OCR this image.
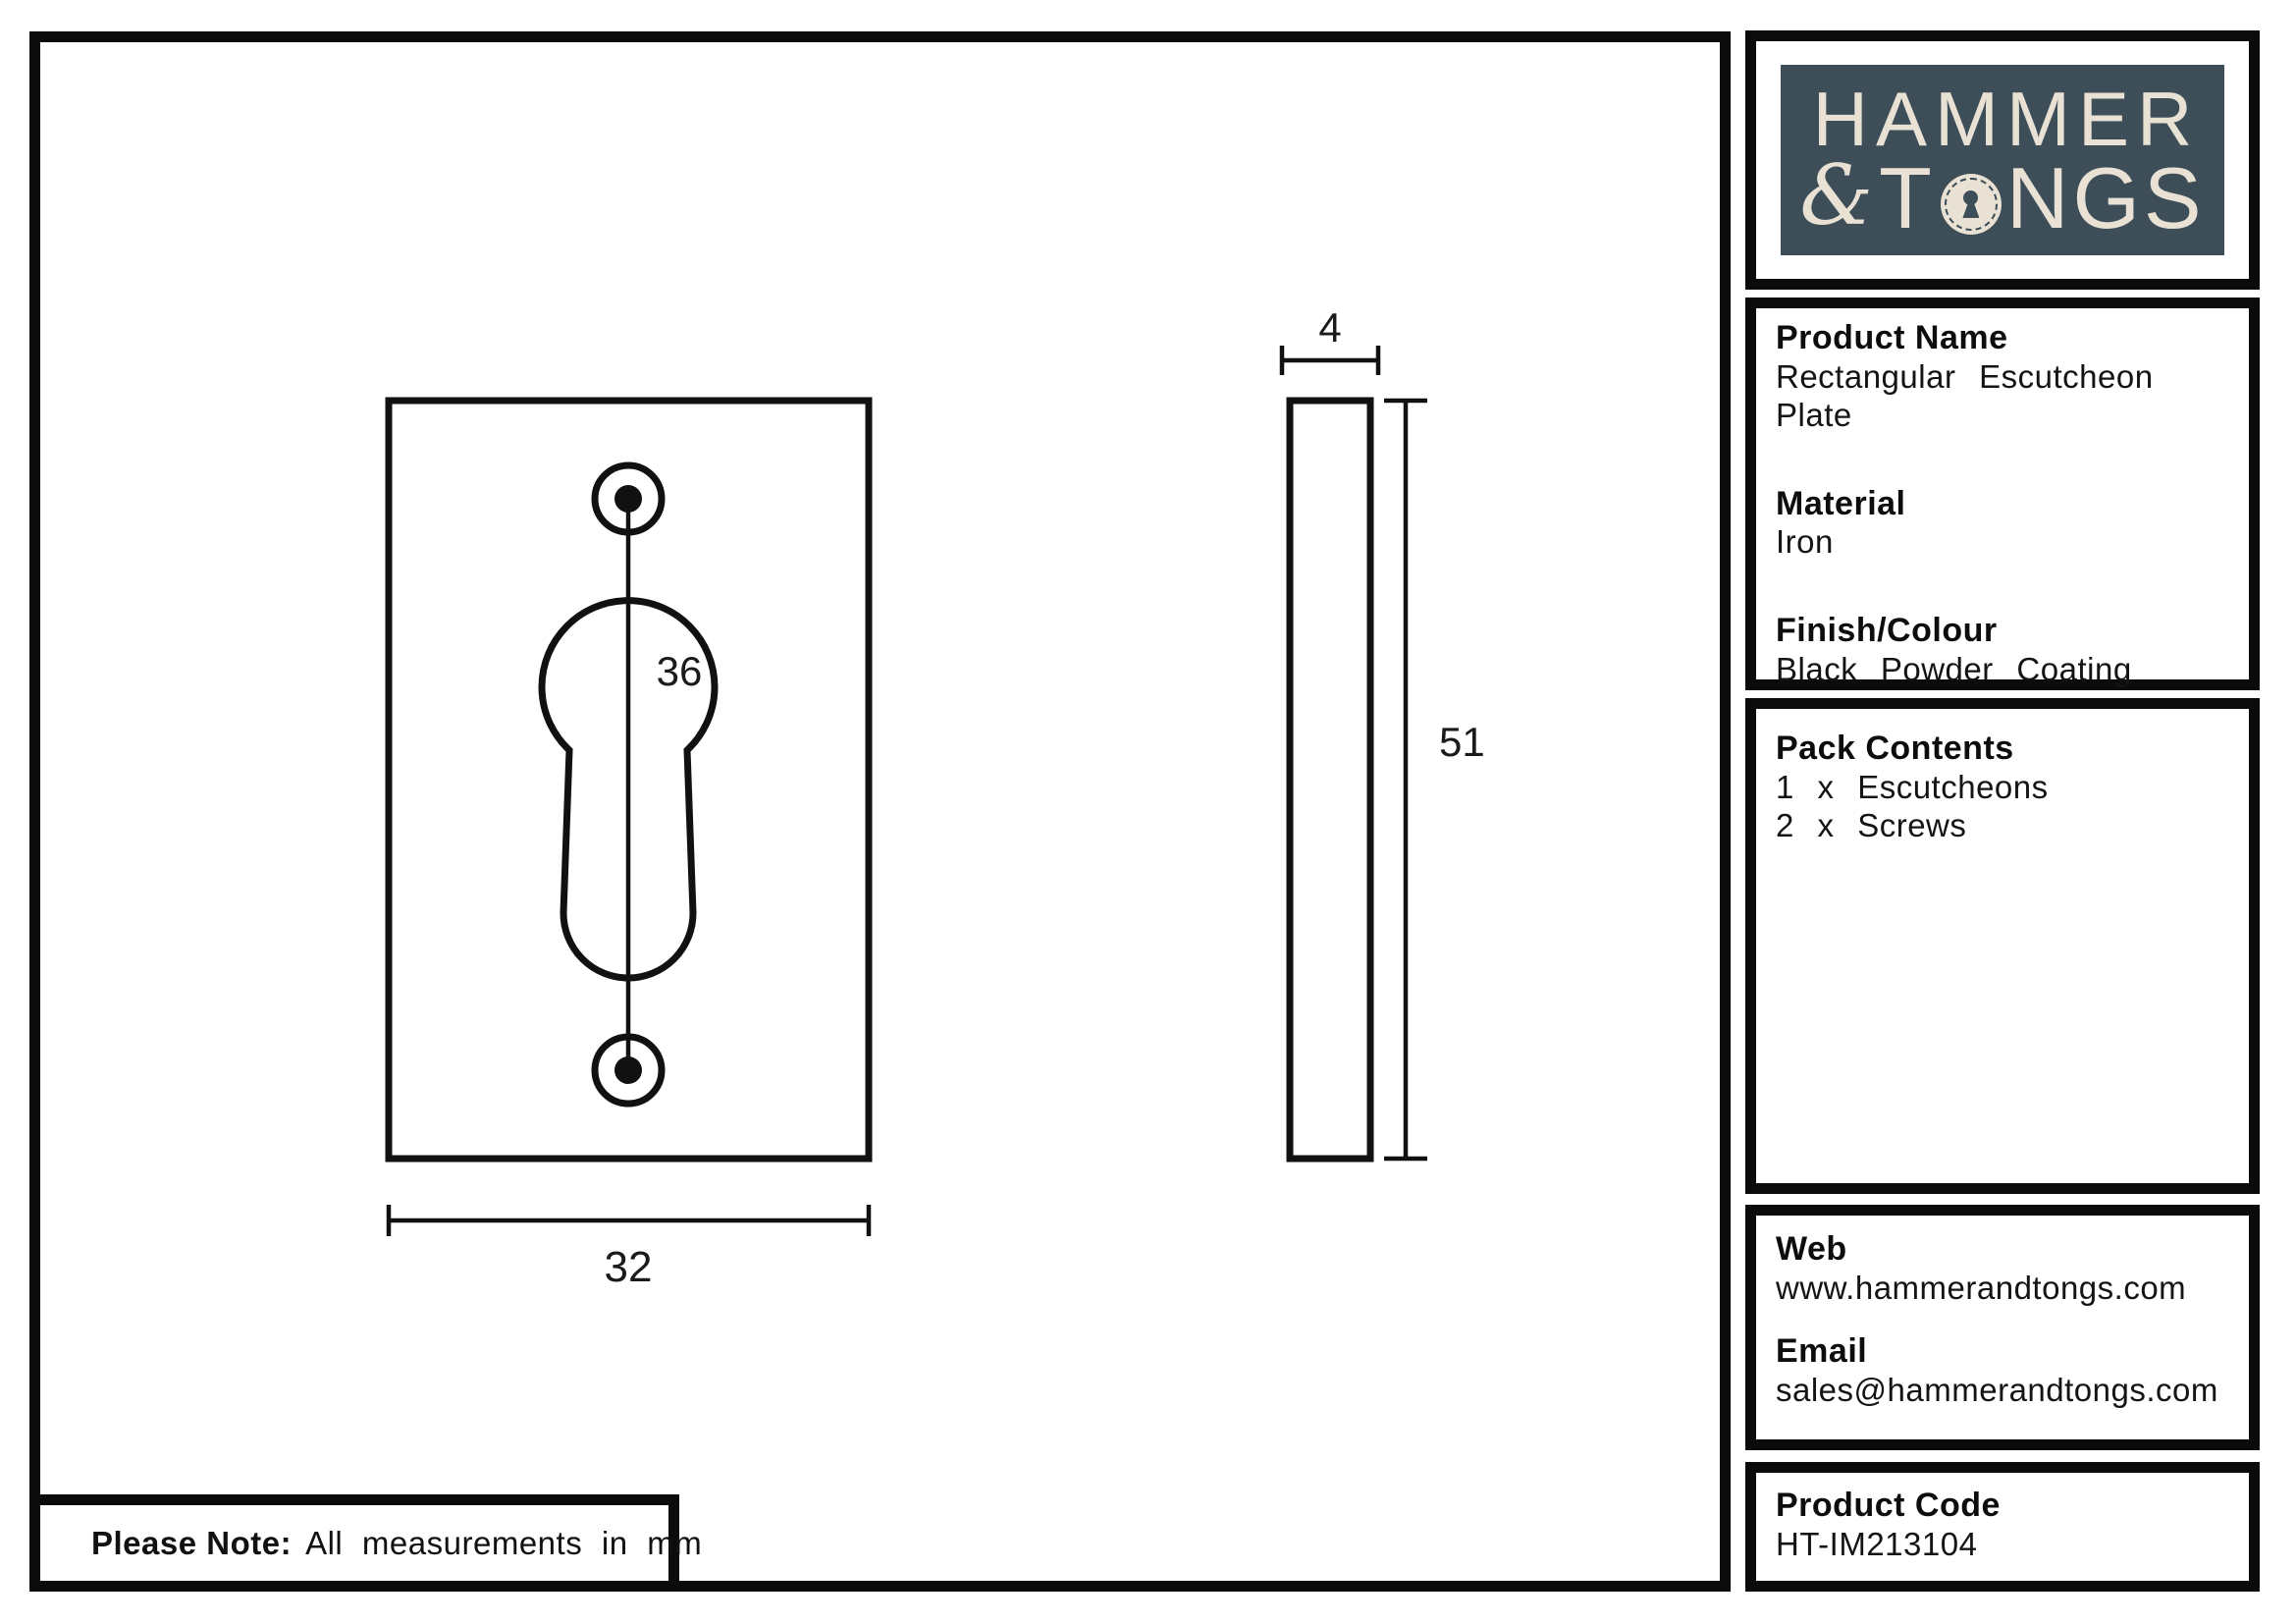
36
32
4
51
HAMMER
& T NGS
Product Name
Rectangular Escutcheon Plate
Material
Iron
Finish/Colour
Black Powder Coating
Pack Contents
1 x Escutcheons
2 x Screws
Web
www.hammerandtongs.com
Email
sales@hammerandtongs.com
Product Code
HT-IM213104
Please Note: All measurements in mm
